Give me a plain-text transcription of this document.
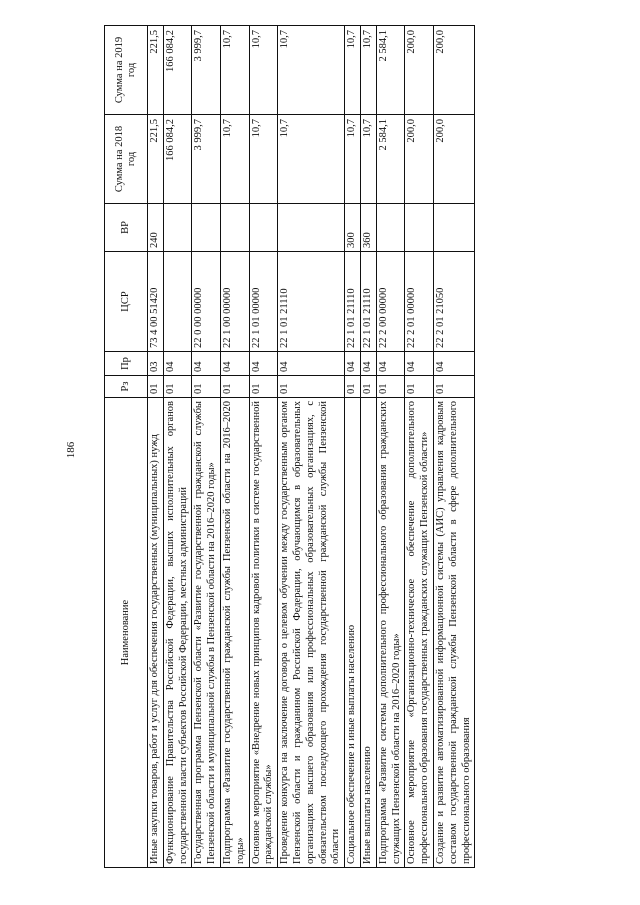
186
Наименование	Рз	Пр	ЦСР	ВР	Сумма на 2018 год	Сумма на 2019 год
Иные закупки товаров, работ и услуг для обеспечения государственных (муниципальных) нужд	01	03	73 4 00 51420	240	221,5	221,5
Функционирование Правительства Российской Федерации, высших исполнительных органов государственной власти субъектов Российской Федерации, местных администраций	01	04			166 084,2	166 084,2
Государственная программа Пензенской области «Развитие государственной гражданской службы Пензенской области и муниципальной службы в Пензенской области на 2016–2020 годы»	01	04	22 0 00 00000		3 999,7	3 999,7
Подпрограмма «Развитие государственной гражданской службы Пензенской области на 2016–2020 годы»	01	04	22 1 00 00000		10,7	10,7
Основное мероприятие «Внедрение новых принципов кадровой политики в системе государственной гражданской службы»	01	04	22 1 01 00000		10,7	10,7
Проведение конкурса на заключение договора о целевом обучении между государственным органом Пензенской области и гражданином Российской Федерации, обучающимся в образовательных организациях высшего образования или профессиональных образовательных организациях, с обязательством последующего прохождения государственной гражданской службы Пензенской области	01	04	22 1 01 21110		10,7	10,7
Социальное обеспечение и иные выплаты населению	01	04	22 1 01 21110	300	10,7	10,7
Иные выплаты населению	01	04	22 1 01 21110	360	10,7	10,7
Подпрограмма «Развитие системы дополнительного профессионального образования гражданских служащих Пензенской области на 2016–2020 годы»	01	04	22 2 00 00000		2 584,1	2 584,1
Основное мероприятие «Организационно-техническое обеспечение дополнительного профессионального образования государственных гражданских служащих Пензенской области»	01	04	22 2 01 00000		200,0	200,0
Создание и развитие автоматизированной информационной системы (АИС) управления кадровым составом государственной гражданской службы Пензенской области в сфере дополнительного профессионального образования	01	04	22 2 01 21050		200,0	200,0
